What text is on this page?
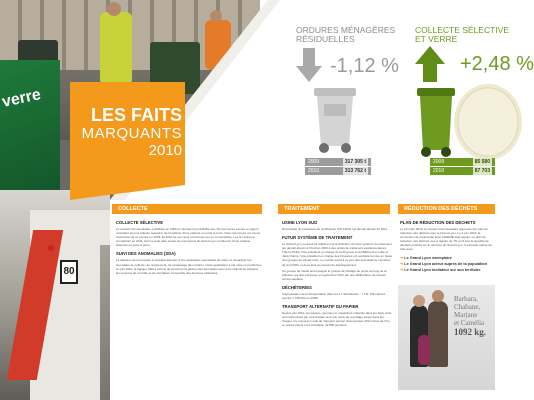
verre
80
LES FAITS
MARQUANTS
2010
ORDURES MÉNAGÈRES
RÉSIDUELLES
-1,12 %
2009	317 305 t
2010	313 762 t
COLLECTE SÉLECTIVE
ET VERRE
+2,48 %
2009	85 580
2010	87 703
COLLECTE
COLLECTE SÉLECTIVE
Le conseil communautaire a délibéré en 2009 en donnant la possibilité aux 16 communes encore en apport volontaire pour la collecte sélective, de bénéficier d'une collecte en porte à porte. Trois communes ont connu l'extension de ce service en 2009, Et 2010 ce sont sept communes qui en ont bénéficié. Les six autres le connaîtront en 2011. Ainsi à cette date toutes les communes du Grand Lyon profiteront d'une collecte sélective en porte à porte.
SUIVI DES ANOMALIES (SDA)
La direction de la propreté a souhaité disposer d'une application permettant de tracer et d'analyser les anomalies de collecte, de nettoiement, de ramassage des ordures. Cette application a été mise en production en juin 2010, la logique SDA a permis de structurer la gestion des anomalies avec pour objectif de préparer les mesures de contrôle et de centraliser l'ensemble des données collectées.
TRAITEMENT
USINE LYON SUD
Reconduite du processus de certification ISO 14001 qui devrait aboutir fin 2011.
FUTUR SYSTÈME DE TRAITEMENT
Le Grand Lyon poursuit sa réflexion sur la définition du futur système de traitement qui devrait aboutir à l'horizon 2020 à des unités de traitement supplémentaires. Thierry Philip, Vice-président en charge de la Propreté et du Bâtiment en ville et Jacky Darne, Vice-président en charge des Finances ont souhaité la mise en place d'un groupe de travail mixte. Le comité réunit à ce jour des associations membres de la CCSPL et deux élus au conseil de développement.
Ce groupe de travail accompagne le groupe de pilotage du projet au long de la réflexion qui doit s'achever en septembre 2011 par une délibération du conseil communautaire.
DÉCHÈTERIES
Augmentation de la fréquentation dans les 17 déchèteries : 1 711 726 entrées (contre 1 708 094 en 2009).
TRANSPORT ALTERNATIF DU PAPIER
Depuis juin 2010, les papiers, journaux et magazines collectés dans les bacs verts sont acheminés par voie fluviale vers une usine de recyclage située dans les Vosges. Ce nouveau mode de transport permet d'économiser 300 tonnes de CO₂ en année pleine et la circulation de 800 camions.
RÉDUCTION DES DÉCHETS
PLAN DE RÉDUCTION DES DÉCHETS
Le 22 mars 2010, le conseil communautaire approuve son plan de réduction des déchets pour le Grand Lyon. Le 4 juin 2010, la convention de partenariat avec l'ADEME était signée. Le plan de réduction des déchets vise à réduire de 7% en 5 ans la quantité de déchets produits sur le territoire du Grand Lyon. Il s'articule autour de trois axes :
➔ Le Grand Lyon exemplaire
➔ Le Grand Lyon acteur auprès de la population
➔ Le Grand Lyon incitateur sur son territoire
Barbara,
Chabane,
Marjane
et Camélia
1092 kg.
